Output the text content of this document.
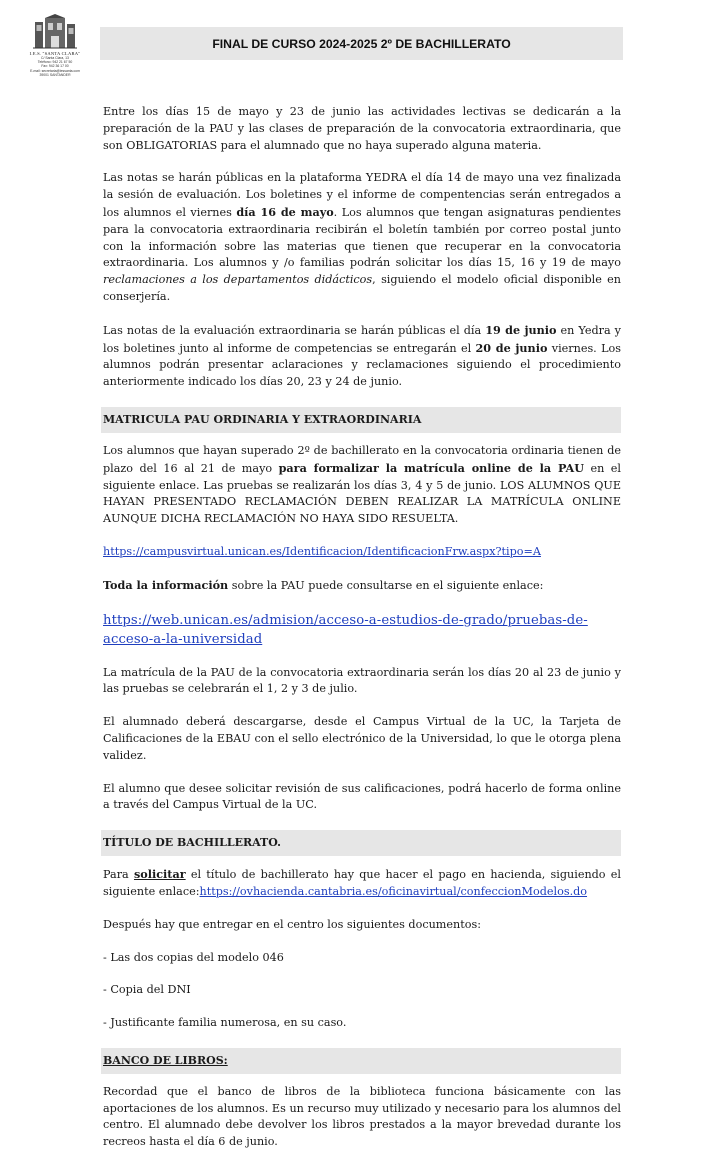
I.E.S. "SANTA CLARA"
C/ Santa Clara, 13
Teléfono: 942 21 67 50
Fax: 942 36 17 00
E-mail: secretaria@iessanta.com
39001 SANTANDER
FINAL DE CURSO 2024-2025 2º DE BACHILLERATO

Entre los días 15 de mayo y 23 de junio las actividades lectivas se dedicarán a la preparación de la PAU y las clases de preparación de la convocatoria extraordinaria, que son OBLIGATORIAS para el alumnado que no haya superado alguna materia.

Las notas se harán públicas en la plataforma YEDRA el día 14 de mayo una vez finalizada la sesión de evaluación. Los boletines y el informe de compentencias serán entregados a los alumnos el viernes día 16 de mayo. Los alumnos que tengan asignaturas pendientes para la convocatoria extraordinaria recibirán el boletín también por correo postal junto con la información sobre las materias que tienen que recuperar en la convocatoria extraordinaria. Los alumnos y /o familias podrán solicitar los días 15, 16 y 19 de mayo reclamaciones a los departamentos didácticos, siguiendo el modelo oficial disponible en conserjería.

Las notas de la evaluación extraordinaria se harán públicas el día 19 de junio en Yedra y los boletines junto al informe de competencias se entregarán el 20 de junio viernes. Los alumnos podrán presentar aclaraciones y reclamaciones siguiendo el procedimiento anteriormente indicado los días 20, 23 y 24 de junio.

MATRICULA PAU ORDINARIA Y EXTRAORDINARIA

Los alumnos que hayan superado 2º de bachillerato en la convocatoria ordinaria tienen de plazo del 16 al 21 de mayo para formalizar la matrícula online de la PAU en el siguiente enlace. Las pruebas se realizarán los días 3, 4 y 5 de junio. LOS ALUMNOS QUE HAYAN PRESENTADO RECLAMACIÓN DEBEN REALIZAR LA MATRÍCULA ONLINE AUNQUE DICHA RECLAMACIÓN NO HAYA SIDO RESUELTA.

https://campusvirtual.unican.es/Identificacion/IdentificacionFrw.aspx?tipo=A

Toda la información sobre la PAU puede consultarse en el siguiente enlace:

https://web.unican.es/admision/acceso-a-estudios-de-grado/pruebas-de-acceso-a-la-universidad

La matrícula de la PAU de la convocatoria extraordinaria serán los días 20 al 23 de junio y las pruebas se celebrarán el 1, 2 y 3 de julio.

El alumnado deberá descargarse, desde el Campus Virtual de la UC, la Tarjeta de Calificaciones de la EBAU con el sello electrónico de la Universidad, lo que le otorga plena validez.

El alumno que desee solicitar revisión de sus calificaciones, podrá hacerlo de forma online a través del Campus Virtual de la UC.

TÍTULO DE BACHILLERATO.

Para solicitar el título de bachillerato hay que hacer el pago en hacienda, siguiendo el siguiente enlace:https://ovhacienda.cantabria.es/oficinavirtual/confeccionModelos.do

Después hay que entregar en el centro los siguientes documentos:

- Las dos copias del modelo 046

- Copia del DNI

- Justificante familia numerosa, en su caso.

BANCO DE LIBROS:

Recordad que el banco de libros de la biblioteca funciona básicamente con las aportaciones de los alumnos. Es un recurso muy utilizado y necesario para los alumnos del centro. El alumnado debe devolver los libros prestados a la mayor brevedad durante los recreos hasta el día 6 de junio.
